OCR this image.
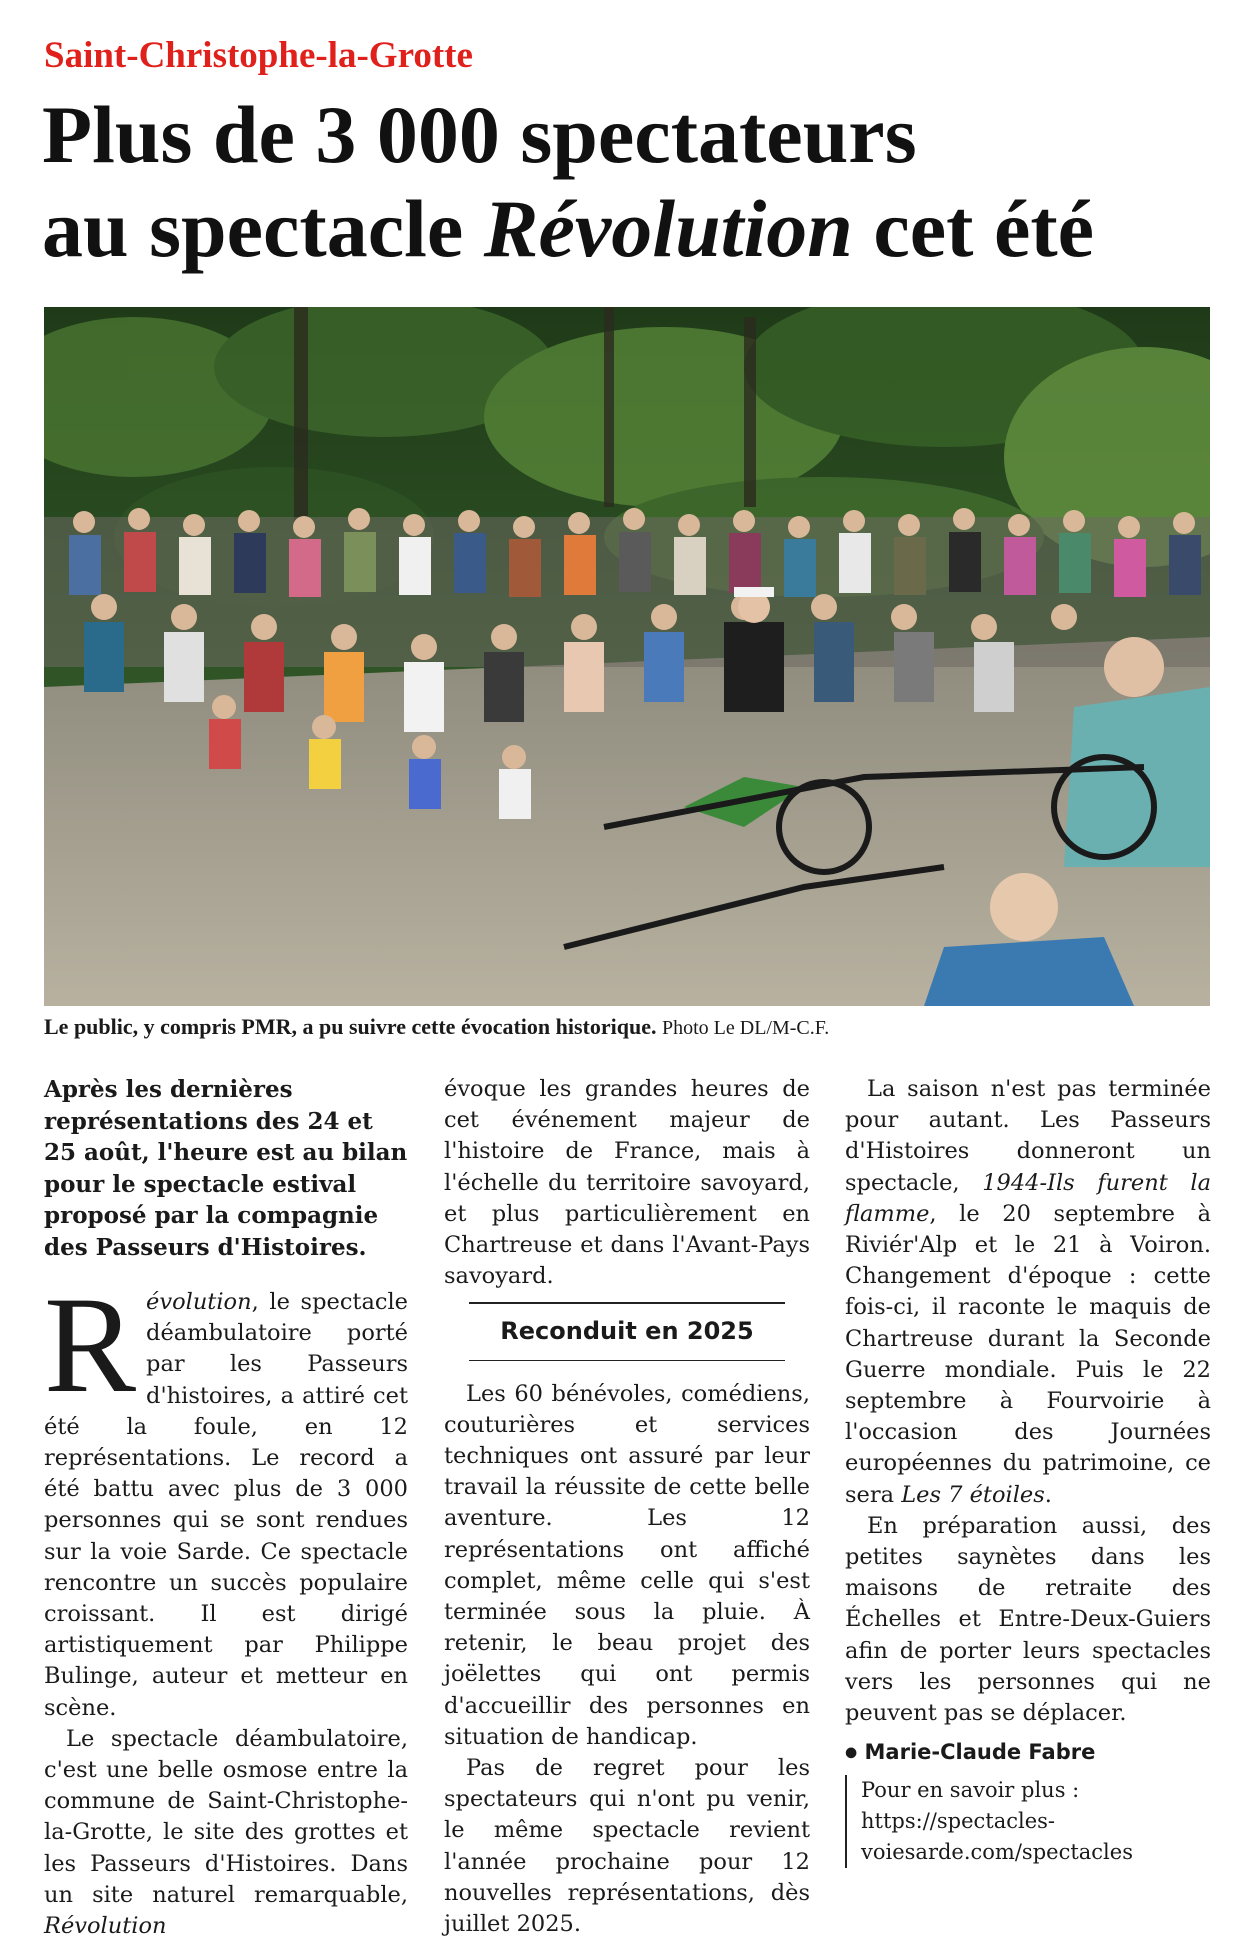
Saint-Christophe-la-Grotte
Plus de 3 000 spectateurs
au spectacle Révolution cet été
Le public, y compris PMR, a pu suivre cette évocation historique. Photo Le DL/M-C.F.

Après les dernières représentations des 24 et 25 août, l'heure est au bilan pour le spectacle estival proposé par la compagnie des Passeurs d'Histoires.

Révolution, le spectacle déambulatoire porté par les Passeurs d'histoires, a attiré cet été la foule, en 12 représentations. Le record a été battu avec plus de 3 000 personnes qui se sont rendues sur la voie Sarde. Ce spectacle rencontre un succès populaire croissant. Il est dirigé artistiquement par Philippe Bulinge, auteur et metteur en scène.

Le spectacle déambulatoire, c'est une belle osmose entre la commune de Saint-Christophe-la-Grotte, le site des grottes et les Passeurs d'Histoires. Dans un site naturel remarquable, Révolution

évoque les grandes heures de cet événement majeur de l'histoire de France, mais à l'échelle du territoire savoyard, et plus particulièrement en Chartreuse et dans l'Avant-Pays savoyard.

Reconduit en 2025

Les 60 bénévoles, comédiens, couturières et services techniques ont assuré par leur travail la réussite de cette belle aventure. Les 12 représentations ont affiché complet, même celle qui s'est terminée sous la pluie. À retenir, le beau projet des joëlettes qui ont permis d'accueillir des personnes en situation de handicap.

Pas de regret pour les spectateurs qui n'ont pu venir, le même spectacle revient l'année prochaine pour 12 nouvelles représentations, dès juillet 2025.

La saison n'est pas terminée pour autant. Les Passeurs d'Histoires donneront un spectacle, 1944-Ils furent la flamme, le 20 septembre à Riviér'Alp et le 21 à Voiron. Changement d'époque : cette fois-ci, il raconte le maquis de Chartreuse durant la Seconde Guerre mondiale. Puis le 22 septembre à Fourvoirie à l'occasion des Journées européennes du patrimoine, ce sera Les 7 étoiles.

En préparation aussi, des petites saynètes dans les maisons de retraite des Échelles et Entre-Deux-Guiers afin de porter leurs spectacles vers les personnes qui ne peuvent pas se déplacer.

● Marie-Claude Fabre
Pour en savoir plus : https://spectacles-voiesarde.com/spectacles
